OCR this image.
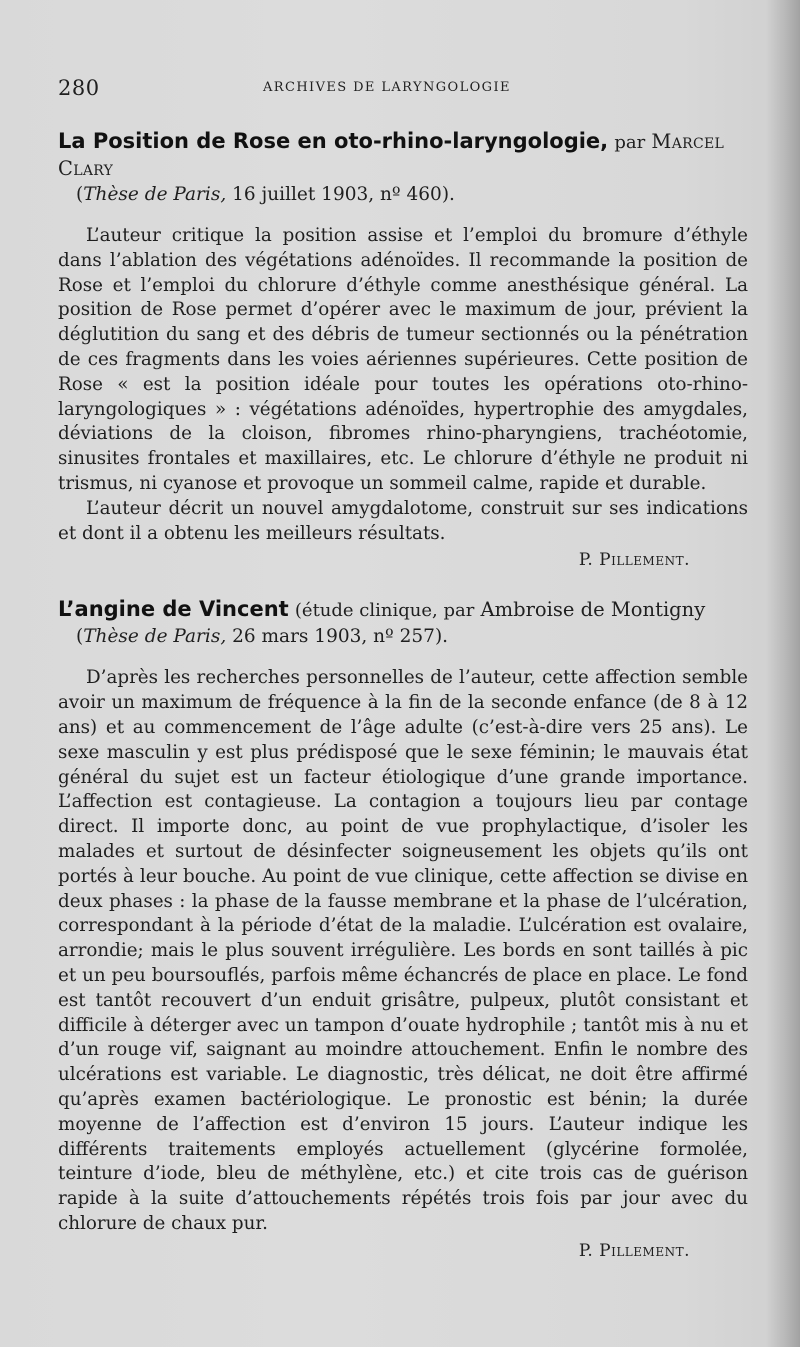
280	ARCHIVES DE LARYNGOLOGIE
La Position de Rose en oto-rhino-laryngologie, par Marcel Clary
(Thèse de Paris, 16 juillet 1903, nº 460).

L’auteur critique la position assise et l’emploi du bromure d’éthyle dans l’ablation des végétations adénoïdes. Il recommande la position de Rose et l’emploi du chlorure d’éthyle comme anesthésique général. La position de Rose permet d’opérer avec le maximum de jour, prévient la déglutition du sang et des débris de tumeur sectionnés ou la pénétration de ces fragments dans les voies aériennes supérieures. Cette position de Rose « est la position idéale pour toutes les opérations oto-rhino-laryngologiques » : végétations adénoïdes, hypertrophie des amygdales, déviations de la cloison, fibromes rhino-pharyngiens, trachéotomie, sinusites frontales et maxillaires, etc. Le chlorure d’éthyle ne produit ni trismus, ni cyanose et provoque un sommeil calme, rapide et durable.

L’auteur décrit un nouvel amygdalotome, construit sur ses indications et dont il a obtenu les meilleurs résultats.

P. Pillement.
L’angine de Vincent (étude clinique, par Ambroise de Montigny
(Thèse de Paris, 26 mars 1903, nº 257).

D’après les recherches personnelles de l’auteur, cette affection semble avoir un maximum de fréquence à la fin de la seconde enfance (de 8 à 12 ans) et au commencement de l’âge adulte (c’est-à-dire vers 25 ans). Le sexe masculin y est plus prédisposé que le sexe féminin; le mauvais état général du sujet est un facteur étiologique d’une grande importance. L’affection est contagieuse. La contagion a toujours lieu par contage direct. Il importe donc, au point de vue prophylactique, d’isoler les malades et surtout de désinfecter soigneusement les objets qu’ils ont portés à leur bouche. Au point de vue clinique, cette affection se divise en deux phases : la phase de la fausse membrane et la phase de l’ulcération, correspondant à la période d’état de la maladie. L’ulcération est ovalaire, arrondie; mais le plus souvent irrégulière. Les bords en sont taillés à pic et un peu boursouflés, parfois même échancrés de place en place. Le fond est tantôt recouvert d’un enduit grisâtre, pulpeux, plutôt consistant et difficile à déterger avec un tampon d’ouate hydrophile ; tantôt mis à nu et d’un rouge vif, saignant au moindre attouchement. Enfin le nombre des ulcérations est variable. Le diagnostic, très délicat, ne doit être affirmé qu’après examen bactériologique. Le pronostic est bénin; la durée moyenne de l’affection est d’environ 15 jours. L’auteur indique les différents traitements employés actuellement (glycérine formolée, teinture d’iode, bleu de méthylène, etc.) et cite trois cas de guérison rapide à la suite d’attouchements répétés trois fois par jour avec du chlorure de chaux pur.

P. Pillement.
